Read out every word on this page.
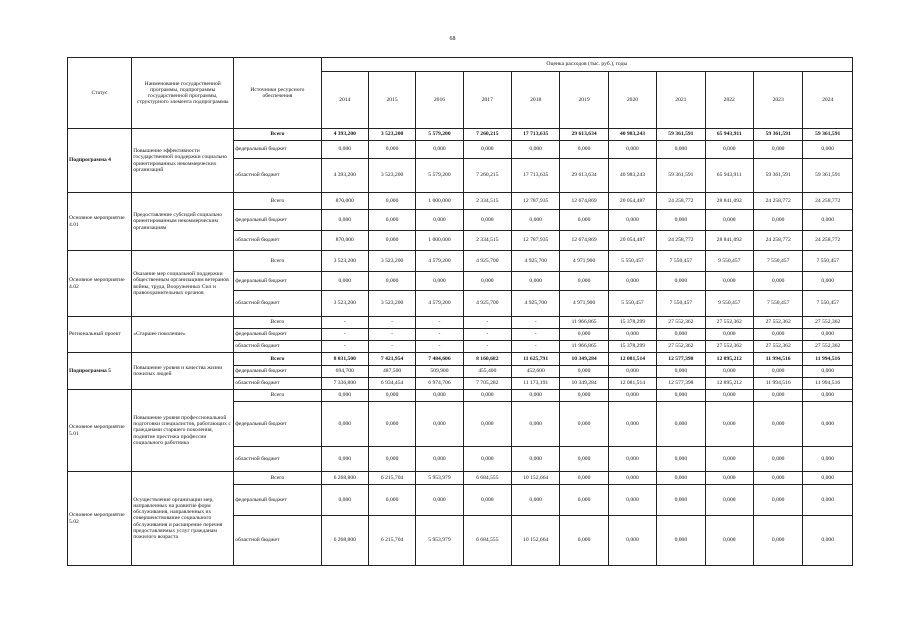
68
Статус	Наименование государственной программы, подпрограммы государственной программы, структурного элемента подпрограммы	Источники ресурсного обеспечения	Оценка расходов (тыс. руб.), годы										
			2014	2015	2016	2017	2018	2019	2020	2021	2022	2023	2024
Подпрограмма 4	Повышение эффективности государственной поддержки социально ориентированных некоммерческих организаций	Всего	4 393,200	3 523,200	5 579,200	7 260,215	17 713,635	29 613,634	40 983,243	59 361,591	65 943,911	59 361,591	59 361,591
		федеральный бюджет	0,000	0,000	0,000	0,000	0,000	0,000	0,000	0,000	0,000	0,000	0,000
		областной бюджет	4 393,200	3 523,200	5 579,200	7 260,215	17 713,635	29 613,634	40 983,243	59 361,591	65 943,911	59 361,591	59 361,591
Основное мероприятие 4.01	Предоставление субсидий социально ориентированным некоммерческим организациям	Всего	870,000	0,000	1 000,000	2 334,515	12 787,935	12 674,869	20 054,487	24 258,772	28 841,092	24 258,772	24 258,772
		федеральный бюджет	0,000	0,000	0,000	0,000	0,000	0,000	0,000	0,000	0,000	0,000	0,000
		областной бюджет	870,000	0,000	1 000,000	2 334,515	12 787,935	12 674,869	20 054,487	24 258,772	28 841,092	24 258,772	24 258,772
Основное мероприятие 4.02	Оказание мер социальной поддержки общественным организациям ветеранов войны, труда, Вооруженных Сил и правоохранительных органов	Всего	3 523,200	3 523,200	4 579,200	4 925,700	4 925,700	4 971,900	5 550,457	7 550,457	9 550,457	7 550,457	7 550,457
		федеральный бюджет	0,000	0,000	0,000	0,000	0,000	0,000	0,000	0,000	0,000	0,000	0,000
		областной бюджет	3 523,200	3 523,200	4 579,200	4 925,700	4 925,700	4 971,900	5 550,457	7 550,457	9 550,457	7 550,457	7 550,457
Региональный проект	«Старшее поколение»	Всего	-	-	-	-	-	11 966,865	15 378,299	27 552,362	27 552,362	27 552,362	27 552,362
		федеральный бюджет	-	-	-	-	-	0,000	0,000	0,000	0,000	0,000	0,000
		областной бюджет	-	-	-	-	-	11 966,865	15 378,299	27 552,362	27 552,362	27 552,362	27 552,362
Подпрограмма 5	Повышение уровня и качества жизни пожилых людей	Всего	8 031,500	7 421,954	7 484,606	8 160,682	11 625,791	10 349,284	12 081,514	12 577,398	12 895,212	11 994,516	11 994,516
		федеральный бюджет	694,700	487,500	509,900	455,400	452,600	0,000	0,000	0,000	0,000	0,000	0,000
		областной бюджет	7 336,800	6 934,454	6 974,706	7 705,282	11 173,191	10 349,284	12 081,514	12 577,398	12 895,212	11 994,516	11 994,516
Основное мероприятие 5.01	Повышение уровня профессиональной подготовки специалистов, работающих с гражданами старшего поколения, поднятие престижа профессии социального работника	Всего	0,000	0,000	0,000	0,000	0,000	0,000	0,000	0,000	0,000	0,000	0,000
		федеральный бюджет	0,000	0,000	0,000	0,000	0,000	0,000	0,000	0,000	0,000	0,000	0,000
		областной бюджет	0,000	0,000	0,000	0,000	0,000	0,000	0,000	0,000	0,000	0,000	0,000
Основное мероприятие 5.02	Осуществление организации мер, направленных на развитие форм обслуживания, направленных их совершенствование социального обслуживания и расширение перечня предоставляемых услуг гражданам пожилого возраста	Всего	6 268,800	6 215,704	5 953,979	6 684,555	10 152,664	0,000	0,000	0,000	0,000	0,000	0,000
		федеральный бюджет	0,000	0,000	0,000	0,000	0,000	0,000	0,000	0,000	0,000	0,000	0,000
		областной бюджет	6 268,800	6 215,704	5 953,979	6 684,555	10 152,664	0,000	0,000	0,000	0,000	0,000	0,000
